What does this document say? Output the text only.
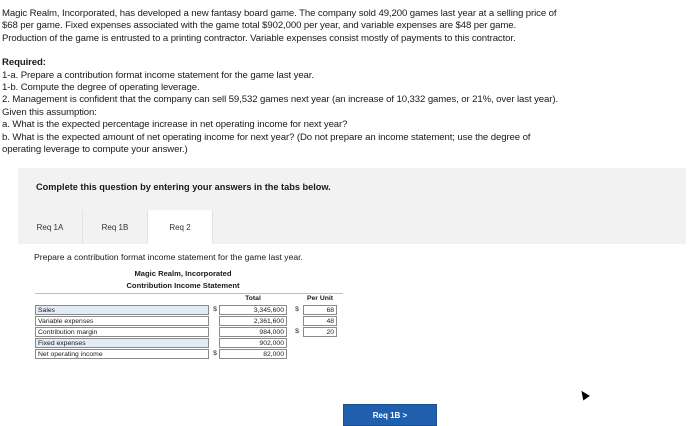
Magic Realm, Incorporated, has developed a new fantasy board game. The company sold 49,200 games last year at a selling price of

$68 per game. Fixed expenses associated with the game total $902,000 per year, and variable expenses are $48 per game.

Production of the game is entrusted to a printing contractor. Variable expenses consist mostly of payments to this contractor.

Required:

1-a. Prepare a contribution format income statement for the game last year.

1-b. Compute the degree of operating leverage.

2. Management is confident that the company can sell 59,532 games next year (an increase of 10,332 games, or 21%, over last year).

Given this assumption:

a. What is the expected percentage increase in net operating income for next year?

b. What is the expected amount of net operating income for next year? (Do not prepare an income statement; use the degree of

operating leverage to compute your answer.)

Complete this question by entering your answers in the tabs below.
Req 1A	Req 1B	Req 2
Prepare a contribution format income statement for the game last year.
Magic Realm, Incorporated
Contribution Income Statement
Total	Per Unit
Sales	$	3,345,600	$	68
Variable expenses	2,361,600	48
Contribution margin	984,000	$	20
Fixed expenses	902,000
Net operating income	$	82,000
Req 1B >
